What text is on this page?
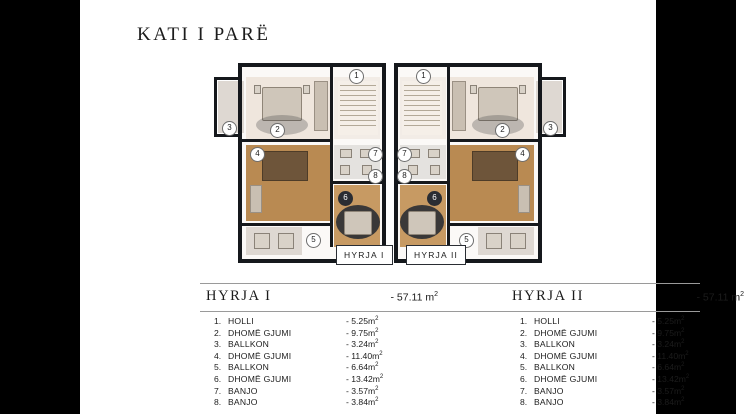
KATI I PARË
3	2
1
4	7
6
8
5
3
2
1
4
7
6
8
5
HYRJA I	HYRJA II
HYRJA I	- 57.11 $m^2$
1. HOLLI	- $5.25m^2$
2. DHOMË GJUMI	- $9.75m^2$
3. BALLKON	- $3.24m^2$
4. DHOMË GJUMI	- $11.40m^2$
5. BALLKON	- $6.64m^2$
6. DHOMË GJUMI	- $13.42m^2$
7. BANJO	- $3.57m^2$
8. BANJO	- $3.84m^2$
HYRJA II	- 57.11 $m^2$
1. HOLLI	- $5.25m^2$
2. DHOMË GJUMI	- $9.75m^2$
3. BALLKON	- $3.24m^2$
4. DHOMË GJUMI	- $11.40m^2$
5. BALLKON	- $6.64m^2$
6. DHOMË GJUMI	- $13.42m^2$
7. BANJO	- $3.57m^2$
8. BANJO	- $3.84m^2$
